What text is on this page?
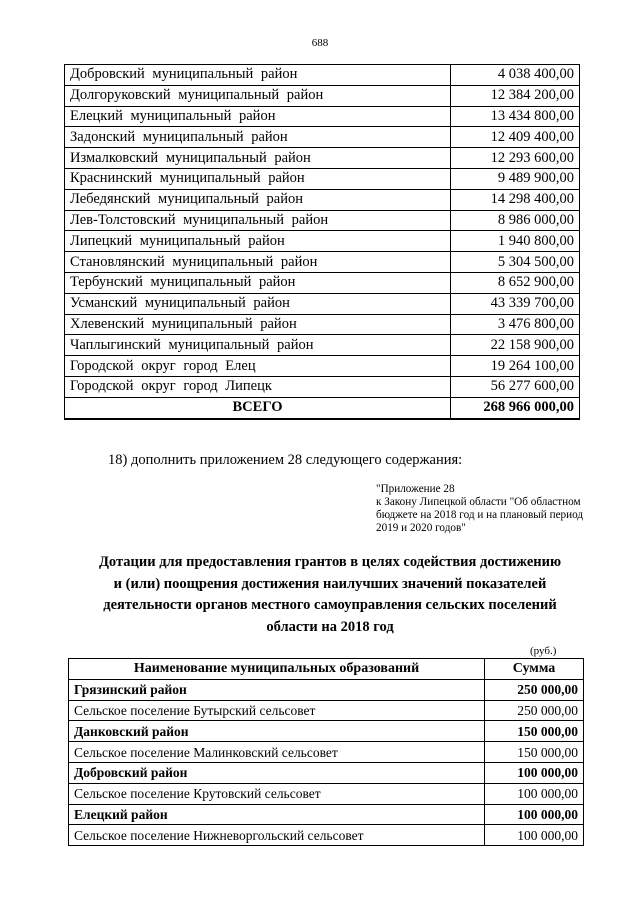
688
Добровский муниципальный район	4 038 400,00
Долгоруковский муниципальный район	12 384 200,00
Елецкий муниципальный район	13 434 800,00
Задонский муниципальный район	12 409 400,00
Измалковский муниципальный район	12 293 600,00
Краснинский муниципальный район	9 489 900,00
Лебедянский муниципальный район	14 298 400,00
Лев-Толстовский муниципальный район	8 986 000,00
Липецкий муниципальный район	1 940 800,00
Становлянский муниципальный район	5 304 500,00
Тербунский муниципальный район	8 652 900,00
Усманский муниципальный район	43 339 700,00
Хлевенский муниципальный район	3 476 800,00
Чаплыгинский муниципальный район	22 158 900,00
Городской округ город Елец	19 264 100,00
Городской округ город Липецк	56 277 600,00
ВСЕГО	268 966 000,00
18) дополнить приложением 28 следующего содержания:
"Приложение 28
к Закону Липецкой области "Об областном
бюджете на 2018 год и на плановый период
2019 и 2020 годов"
Дотации для предоставления грантов в целях содействия достижению
и (или) поощрения достижения наилучших значений показателей
деятельности органов местного самоуправления сельских поселений
области на 2018 год
(руб.)
Наименование муниципальных образований	Сумма
Грязинский район	250 000,00
Сельское поселение Бутырский сельсовет	250 000,00
Данковский район	150 000,00
Сельское поселение Малинковский сельсовет	150 000,00
Добровский район	100 000,00
Сельское поселение Крутовский сельсовет	100 000,00
Елецкий район	100 000,00
Сельское поселение Нижневоргольский сельсовет	100 000,00
